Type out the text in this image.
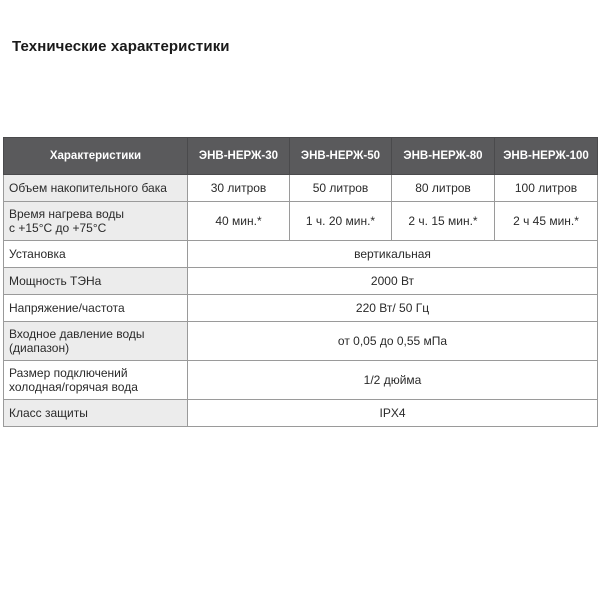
Технические характеристики
Характеристики	ЭНВ-НЕРЖ-30	ЭНВ-НЕРЖ-50	ЭНВ-НЕРЖ-80	ЭНВ-НЕРЖ-100
Объем накопительного бака	30 литров	50 литров	80 литров	100 литров

Время нагрева воды
с +15°С до +75°С	40 мин.*	1 ч. 20 мин.*	2 ч. 15 мин.*	2 ч 45 мин.*
Установка	вертикальная			
Мощность ТЭНа	2000 Вт			
Напряжение/частота	220 Вт/ 50 Гц			

Входное давление воды
(диапазон)	от 0,05 до 0,55 мПа			

Размер подключений
холодная/горячая вода	1/2 дюйма			
Класс защиты	IPX4			
